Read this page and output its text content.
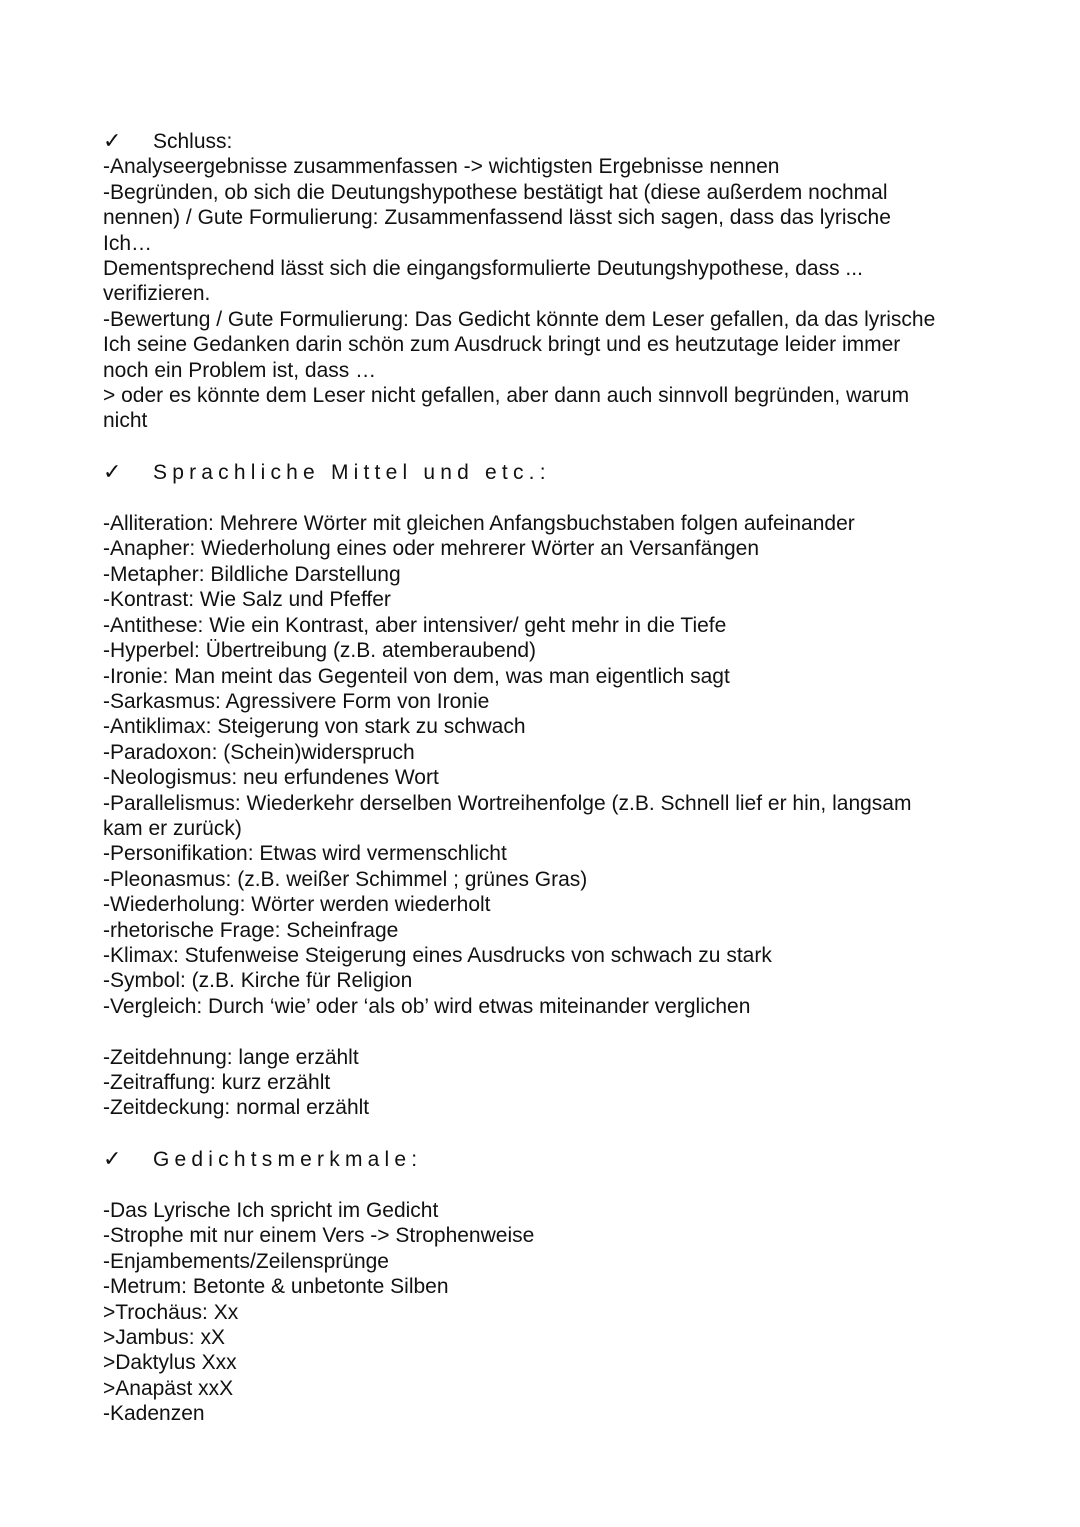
✓	Schluss:

-Analyseergebnisse zusammenfassen -> wichtigsten Ergebnisse nennen

-Begründen, ob sich die Deutungshypothese bestätigt hat (diese außerdem nochmal

nennen) / Gute Formulierung: Zusammenfassend lässt sich sagen, dass das lyrische

Ich…

Dementsprechend lässt sich die eingangsformulierte Deutungshypothese, dass ...

verifizieren.

-Bewertung / Gute Formulierung: Das Gedicht könnte dem Leser gefallen, da das lyrische

Ich seine Gedanken darin schön zum Ausdruck bringt und es heutzutage leider immer

noch ein Problem ist, dass …

> oder es könnte dem Leser nicht gefallen, aber dann auch sinnvoll begründen, warum

nicht

✓	Sprachliche Mittel und etc.:

-Alliteration: Mehrere Wörter mit gleichen Anfangsbuchstaben folgen aufeinander

-Anapher: Wiederholung eines oder mehrerer Wörter an Versanfängen

-Metapher: Bildliche Darstellung

-Kontrast: Wie Salz und Pfeffer

-Antithese: Wie ein Kontrast, aber intensiver/ geht mehr in die Tiefe

-Hyperbel: Übertreibung (z.B. atemberaubend)

-Ironie: Man meint das Gegenteil von dem, was man eigentlich sagt

-Sarkasmus: Agressivere Form von Ironie

-Antiklimax: Steigerung von stark zu schwach

-Paradoxon: (Schein)widerspruch

-Neologismus: neu erfundenes Wort

-Parallelismus: Wiederkehr derselben Wortreihenfolge (z.B. Schnell lief er hin, langsam

kam er zurück)

-Personifikation: Etwas wird vermenschlicht

-Pleonasmus: (z.B. weißer Schimmel ; grünes Gras)

-Wiederholung: Wörter werden wiederholt

-rhetorische Frage: Scheinfrage

-Klimax: Stufenweise Steigerung eines Ausdrucks von schwach zu stark

-Symbol: (z.B. Kirche für Religion

-Vergleich: Durch ‘wie’ oder ‘als ob’ wird etwas miteinander verglichen

-Zeitdehnung: lange erzählt

-Zeitraffung: kurz erzählt

-Zeitdeckung: normal erzählt

✓	Gedichtsmerkmale:

-Das Lyrische Ich spricht im Gedicht

-Strophe mit nur einem Vers -> Strophenweise

-Enjambements/Zeilensprünge

-Metrum: Betonte & unbetonte Silben

>Trochäus: Xx

>Jambus: xX

>Daktylus Xxx

>Anapäst xxX

-Kadenzen
